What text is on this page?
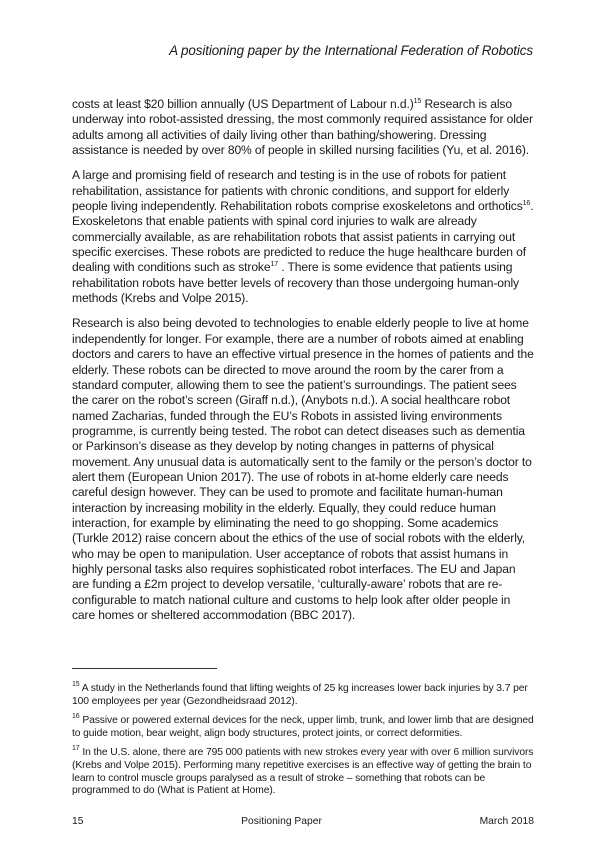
A positioning paper by the International Federation of Robotics

costs at least $20 billion annually (US Department of Labour n.d.)$^{15}$ Research is also underway into robot-assisted dressing, the most commonly required assistance for older adults among all activities of daily living other than bathing/showering. Dressing assistance is needed by over 80% of people in skilled nursing facilities (Yu, et al. 2016).

A large and promising field of research and testing is in the use of robots for patient rehabilitation, assistance for patients with chronic conditions, and support for elderly people living independently. Rehabilitation robots comprise exoskeletons and orthotics$^{16}$. Exoskeletons that enable patients with spinal cord injuries to walk are already commercially available, as are rehabilitation robots that assist patients in carrying out specific exercises. These robots are predicted to reduce the huge healthcare burden of dealing with conditions such as stroke$^{17}$ . There is some evidence that patients using rehabilitation robots have better levels of recovery than those undergoing human-only methods (Krebs and Volpe 2015).

Research is also being devoted to technologies to enable elderly people to live at home independently for longer. For example, there are a number of robots aimed at enabling doctors and carers to have an effective virtual presence in the homes of patients and the elderly. These robots can be directed to move around the room by the carer from a standard computer, allowing them to see the patient’s surroundings. The patient sees the carer on the robot’s screen (Giraff n.d.), (Anybots n.d.). A social healthcare robot named Zacharias, funded through the EU’s Robots in assisted living environments programme, is currently being tested. The robot can detect diseases such as dementia or Parkinson’s disease as they develop by noting changes in patterns of physical movement. Any unusual data is automatically sent to the family or the person’s doctor to alert them (European Union 2017). The use of robots in at-home elderly care needs careful design however. They can be used to promote and facilitate human-human interaction by increasing mobility in the elderly. Equally, they could reduce human interaction, for example by eliminating the need to go shopping. Some academics (Turkle 2012) raise concern about the ethics of the use of social robots with the elderly, who may be open to manipulation. User acceptance of robots that assist humans in highly personal tasks also requires sophisticated robot interfaces. The EU and Japan are funding a £2m project to develop versatile, ‘culturally-aware’ robots that are re-configurable to match national culture and customs to help look after older people in care homes or sheltered accommodation (BBC 2017).

$^{15}$ A study in the Netherlands found that lifting weights of 25 kg increases lower back injuries by 3.7 per 100 employees per year (Gezondheidsraad 2012).

$^{16}$ Passive or powered external devices for the neck, upper limb, trunk, and lower limb that are designed to guide motion, bear weight, align body structures, protect joints, or correct deformities.

$^{17}$ In the U.S. alone, there are 795 000 patients with new strokes every year with over 6 million survivors (Krebs and Volpe 2015). Performing many repetitive exercises is an effective way of getting the brain to learn to control muscle groups paralysed as a result of stroke – something that robots can be programmed to do (What is Patient at Home).

15	Positioning Paper	March 2018
